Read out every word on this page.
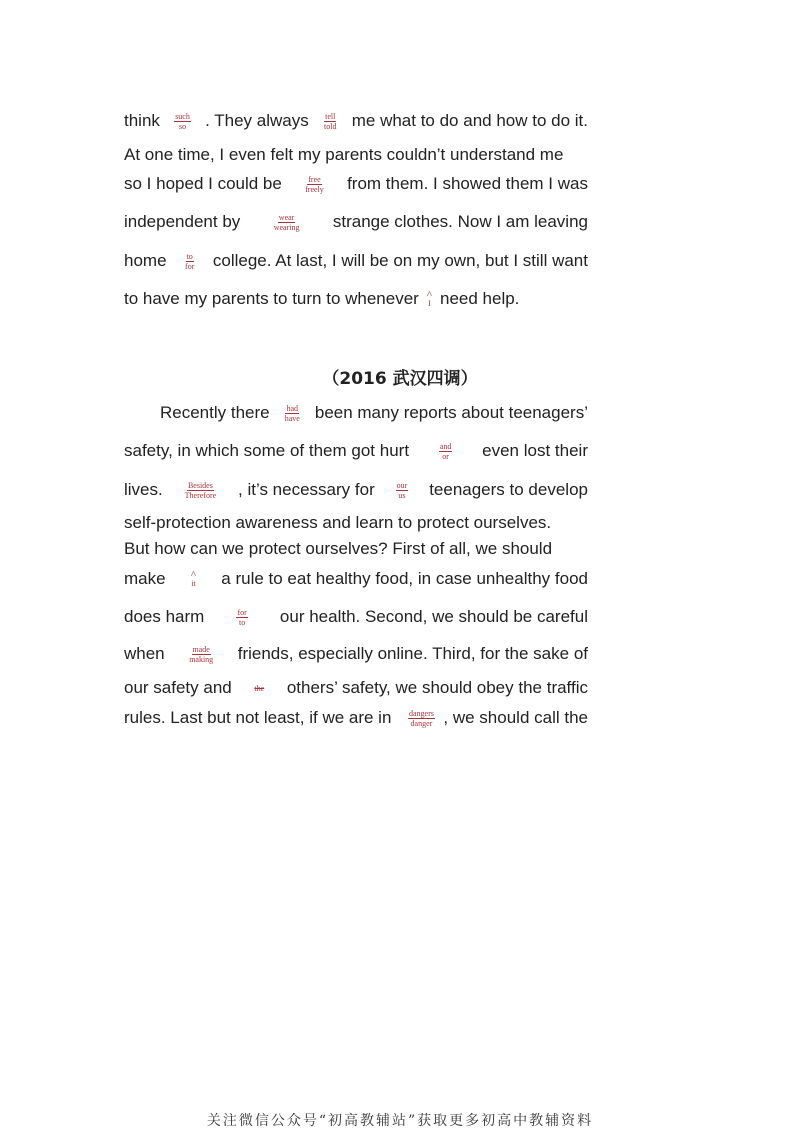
think such
so . They always tell
told me what to do and how to do it.
At one time, I even felt my parents couldn’t understand me
so I hoped I could be	free
freely from them. I showed them I was
independent by	wear
wearing strange clothes. Now I am leaving
home	to
for college. At last, I will be on my own, but I still want
to have my parents to turn to whenever ^
I need help.
（2016 武汉四调）
Recently there had
have been many reports about teenagers’
safety, in which some of them got hurt	and
or even lost their
lives.	Besides
Therefore , it’s necessary for	our
us teenagers to develop
self-protection awareness and learn to protect ourselves.
But how can we protect ourselves? First of all, we should
make ^
it a rule to eat healthy food, in case unhealthy food
does harm	for
to our health. Second, we should be careful
when	made
making friends, especially online. Third, for the sake of
our safety and	the others’ safety, we should obey the traffic
rules. Last but not least, if we are in dangers
danger , we should call the
关注微信公众号“初高教辅站”获取更多初高中教辅资料
